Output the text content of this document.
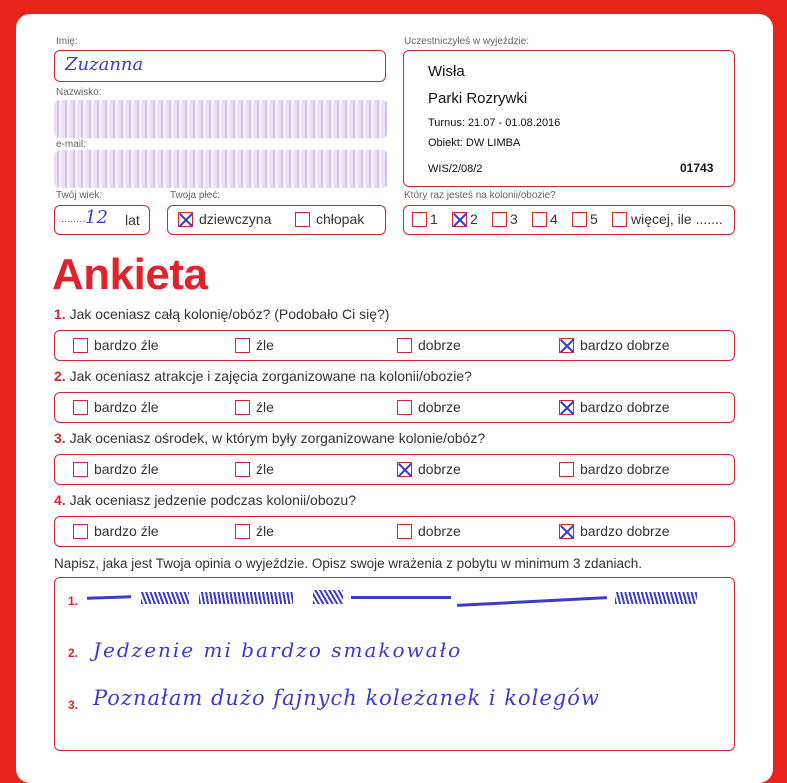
Imię:
Zuzanna
Nazwisko:
e-mail:
Twój wiek:
........ 12 lat
Twoja płeć:
dziewczyna	chłopak
Uczestniczyłeś w wyjeździe:
Wisła
Parki Rozrywki
Turnus: 21.07 - 01.08.2016
Obiekt: DW LIMBA
WIS/2/08/2	01743
Który raz jesteś na kolonii/obozie?
1 2 3 4 5 więcej, ile .......
Ankieta
1. Jak oceniasz całą kolonię/obóz? (Podobało Ci się?)
bardzo źle	źle	dobrze	bardzo dobrze
2. Jak oceniasz atrakcje i zajęcia zorganizowane na kolonii/obozie?
bardzo źle	źle	dobrze	bardzo dobrze
3. Jak oceniasz ośrodek, w którym były zorganizowane kolonie/obóz?
bardzo źle	źle	dobrze	bardzo dobrze
4. Jak oceniasz jedzenie podczas kolonii/obozu?
bardzo źle	źle	dobrze	bardzo dobrze
Napisz, jaka jest Twoja opinia o wyjeździe. Opisz swoje wrażenia z pobytu w minimum 3 zdaniach.
1.
2. Jedzenie mi bardzo smakowało
3. Poznałam dużo fajnych koleżanek i kolegów
